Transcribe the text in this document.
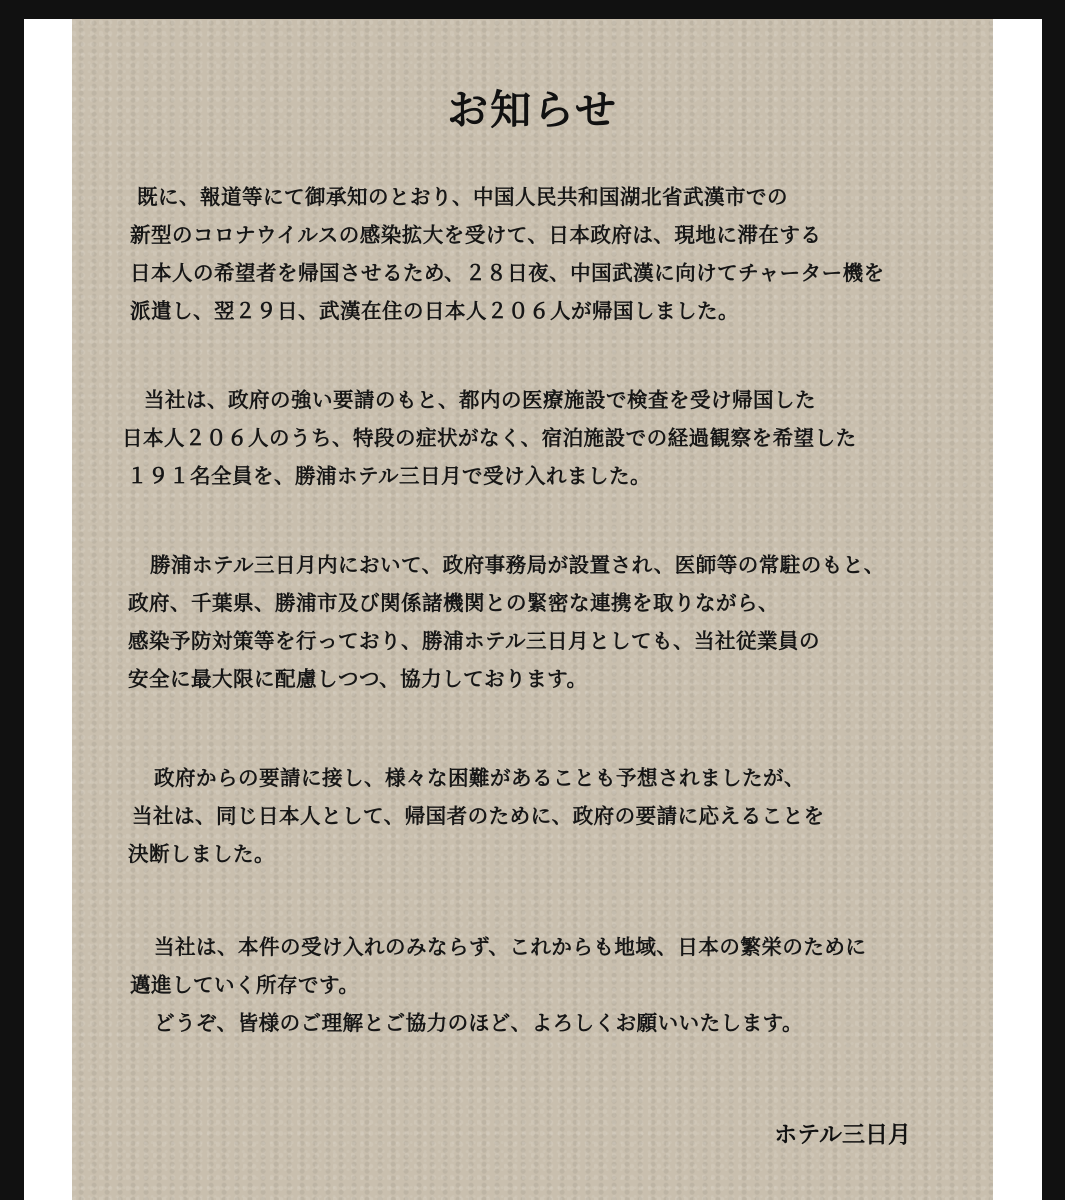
お知らせ
既に、報道等にて御承知のとおり、中国人民共和国湖北省武漢市での
新型のコロナウイルスの感染拡大を受けて、日本政府は、現地に滞在する
日本人の希望者を帰国させるため、２８日夜、中国武漢に向けてチャーター機を
派遣し、翌２９日、武漢在住の日本人２０６人が帰国しました。
当社は、政府の強い要請のもと、都内の医療施設で検査を受け帰国した
日本人２０６人のうち、特段の症状がなく、宿泊施設での経過観察を希望した
１９１名全員を、勝浦ホテル三日月で受け入れました。
勝浦ホテル三日月内において、政府事務局が設置され、医師等の常駐のもと、
政府、千葉県、勝浦市及び関係諸機関との緊密な連携を取りながら、
感染予防対策等を行っており、勝浦ホテル三日月としても、当社従業員の
安全に最大限に配慮しつつ、協力しております。
政府からの要請に接し、様々な困難があることも予想されましたが、
当社は、同じ日本人として、帰国者のために、政府の要請に応えることを
決断しました。
当社は、本件の受け入れのみならず、これからも地域、日本の繁栄のために
邁進していく所存です。
どうぞ、皆様のご理解とご協力のほど、よろしくお願いいたします。
ホテル三日月
